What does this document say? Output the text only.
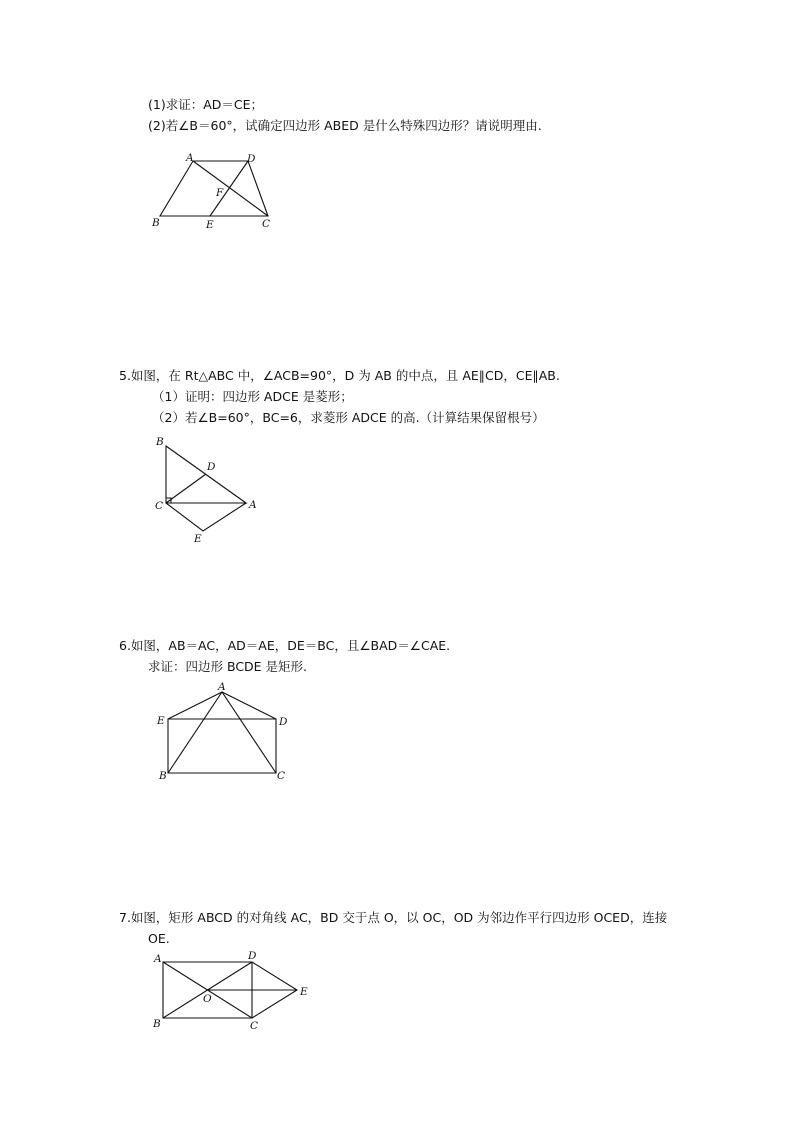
(1)求证：AD＝CE；
(2)若∠B＝60°，试确定四边形 ABED 是什么特殊四边形？请说明理由.
A	D
F
B	E	C
5.如图，在 Rt△ABC 中，∠ACB=90°，D 为 AB 的中点，且 AE∥CD，CE∥AB.
（1）证明：四边形 ADCE 是菱形；
（2）若∠B=60°，BC=6，求菱形 ADCE 的高.（计算结果保留根号）
B
D
C	A
E
6.如图，AB＝AC，AD＝AE，DE＝BC，且∠BAD＝∠CAE.
求证：四边形 BCDE 是矩形.
A
E	D
B	C
7.如图，矩形 ABCD 的对角线 AC，BD 交于点 O，以 OC，OD 为邻边作平行四边形 OCED，连接
OE.
A	D
O
E
B	C
